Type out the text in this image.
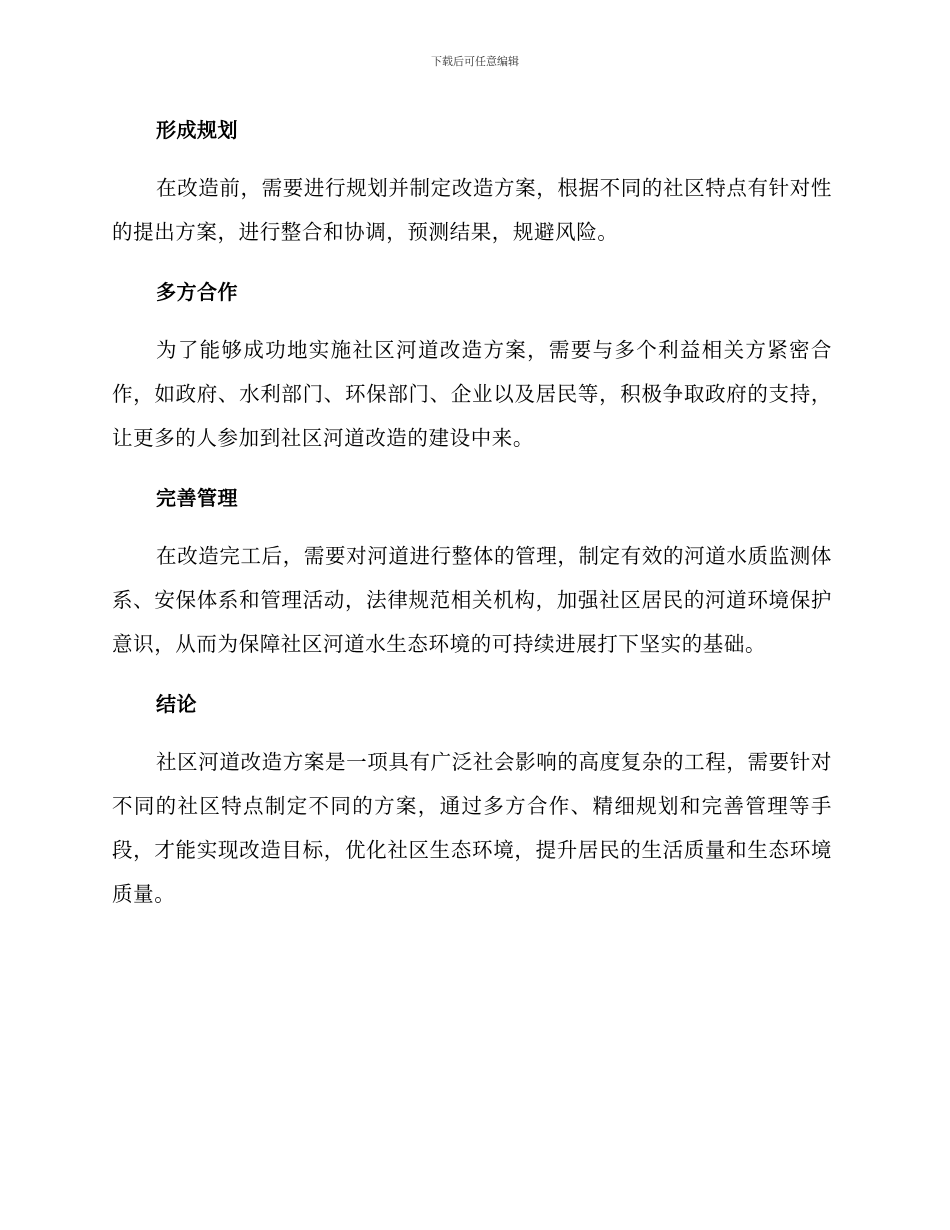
下载后可任意编辑
形成规划

在改造前，需要进行规划并制定改造方案，根据不同的社区特点有针对性的提出方案，进行整合和协调，预测结果，规避风险。

多方合作

为了能够成功地实施社区河道改造方案，需要与多个利益相关方紧密合作，如政府、水利部门、环保部门、企业以及居民等，积极争取政府的支持，让更多的人参加到社区河道改造的建设中来。

完善管理

在改造完工后，需要对河道进行整体的管理，制定有效的河道水质监测体系、安保体系和管理活动，法律规范相关机构，加强社区居民的河道环境保护意识，从而为保障社区河道水生态环境的可持续进展打下坚实的基础。

结论

社区河道改造方案是一项具有广泛社会影响的高度复杂的工程，需要针对不同的社区特点制定不同的方案，通过多方合作、精细规划和完善管理等手段，才能实现改造目标，优化社区生态环境，提升居民的生活质量和生态环境质量。
